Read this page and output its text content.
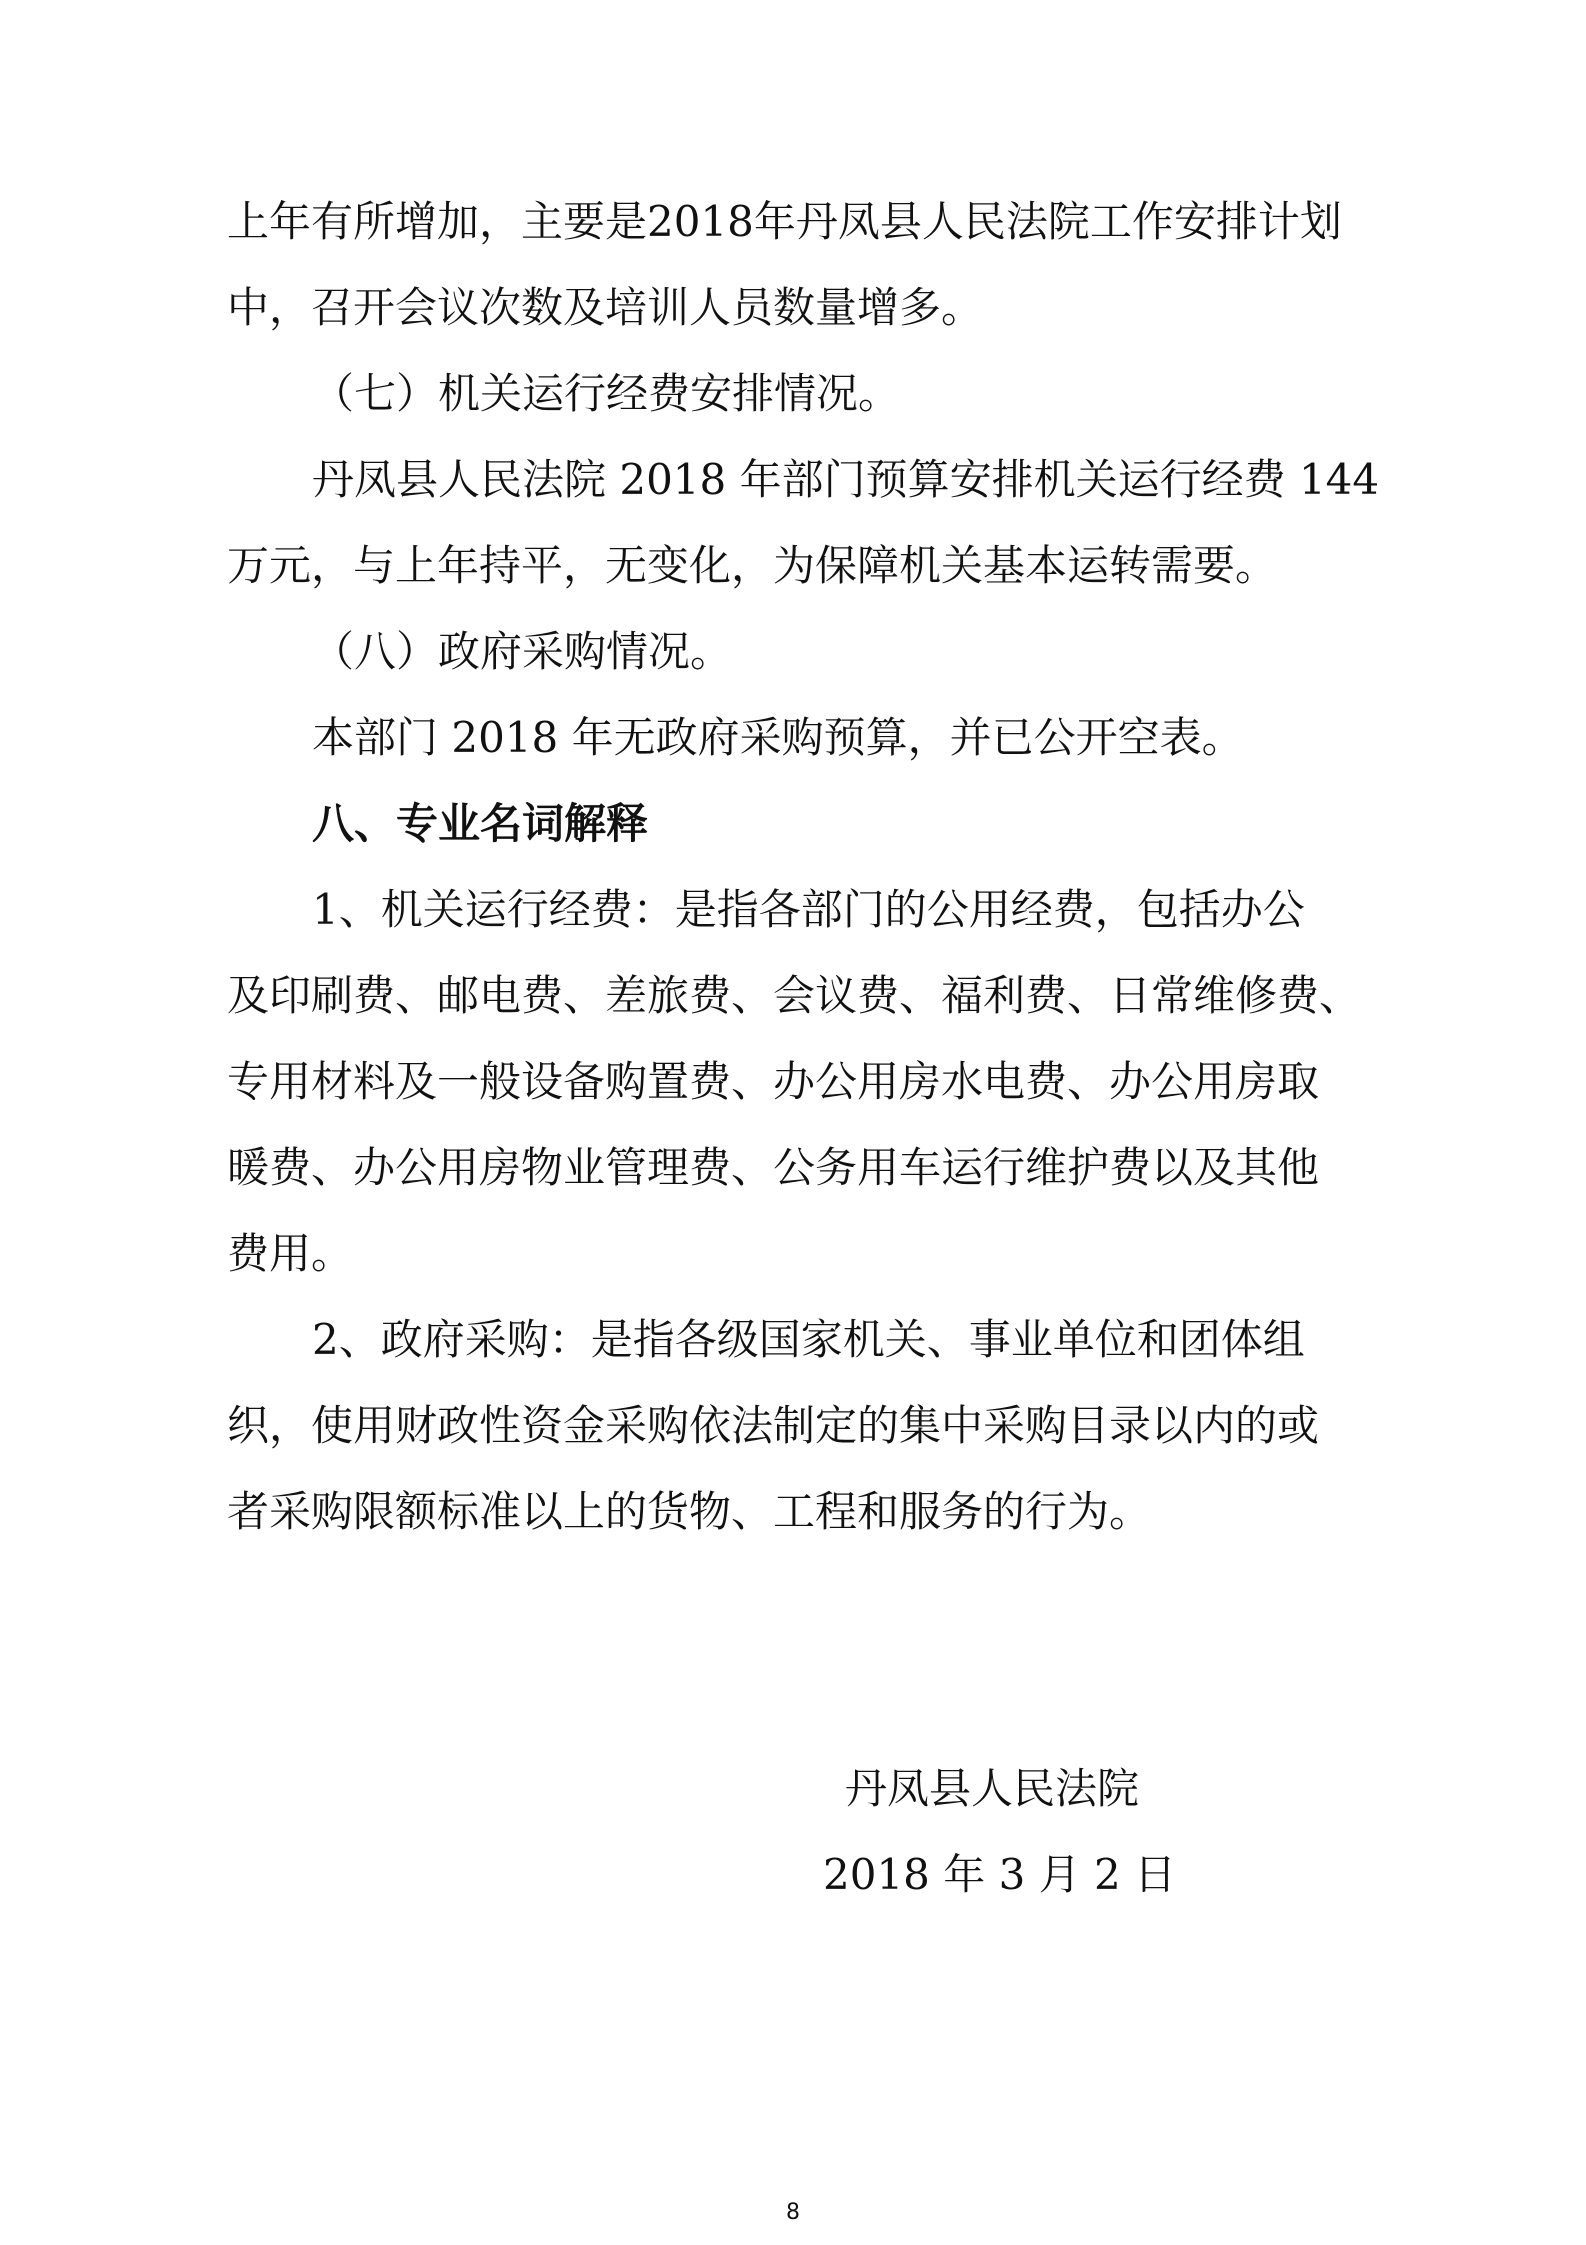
上年有所增加，主要是2018年丹凤县人民法院工作安排计划
中，召开会议次数及培训人员数量增多。
（七）机关运行经费安排情况。
丹凤县人民法院 2018 年部门预算安排机关运行经费 144
万元，与上年持平，无变化，为保障机关基本运转需要。
（八）政府采购情况。
本部门 2018 年无政府采购预算，并已公开空表。
八、专业名词解释
1、机关运行经费：是指各部门的公用经费，包括办公
及印刷费、邮电费、差旅费、会议费、福利费、日常维修费、
专用材料及一般设备购置费、办公用房水电费、办公用房取
暖费、办公用房物业管理费、公务用车运行维护费以及其他
费用。
2、政府采购：是指各级国家机关、事业单位和团体组
织，使用财政性资金采购依法制定的集中采购目录以内的或
者采购限额标准以上的货物、工程和服务的行为。
丹凤县人民法院
2018 年 3 月 2 日
8
